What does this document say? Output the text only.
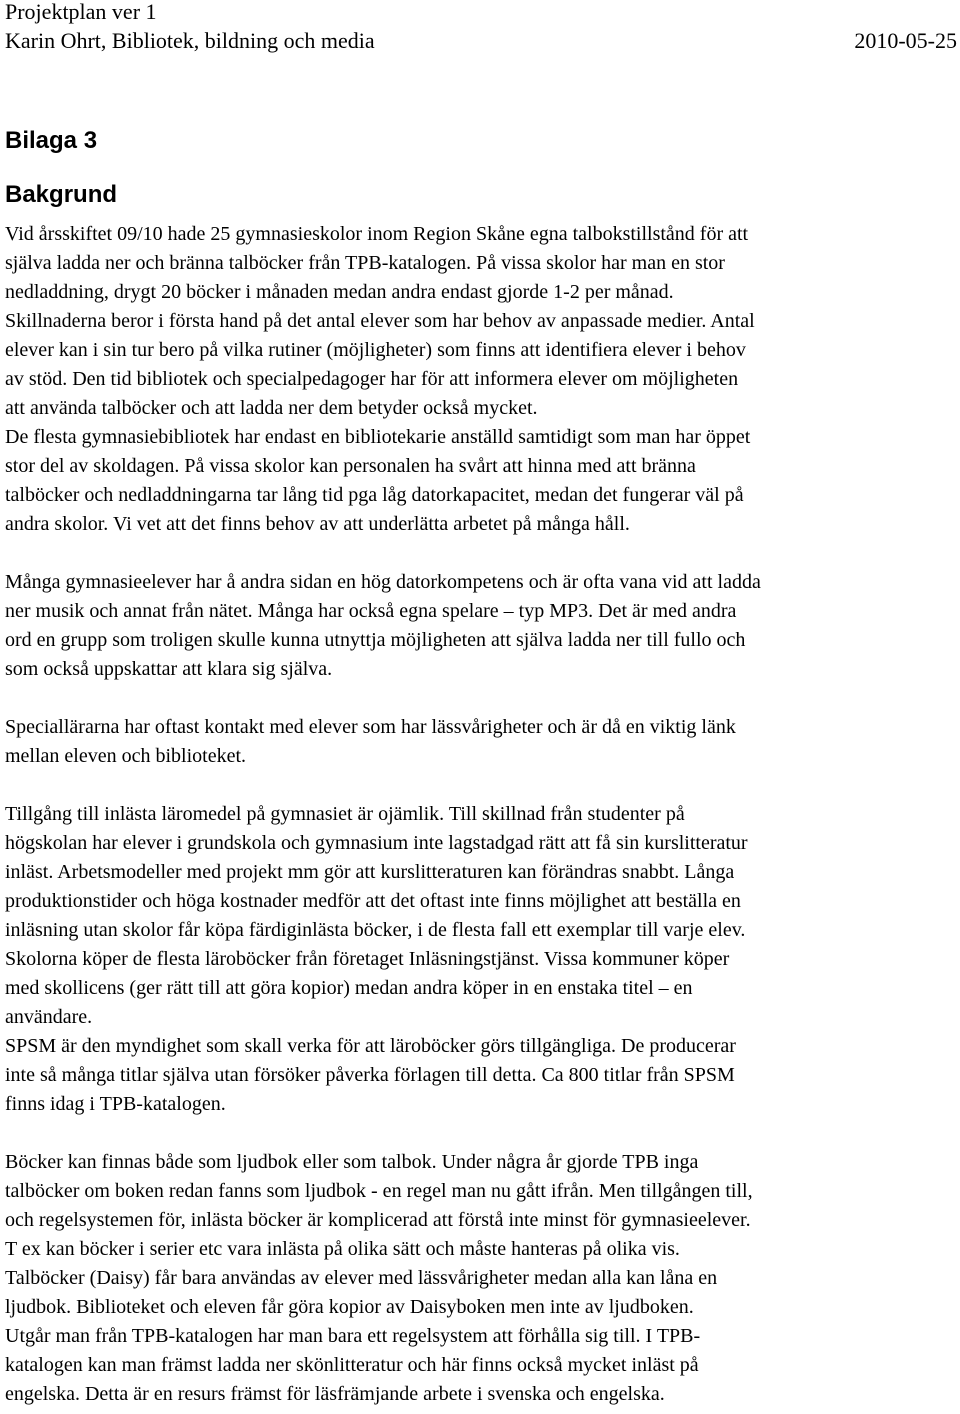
Projektplan ver 1
Karin Ohrt, Bibliotek, bildning och media	2010-05-25
Bilaga 3
Bakgrund
Vid årsskiftet 09/10 hade 25 gymnasieskolor inom Region Skåne egna talbokstillstånd för att
själva ladda ner och bränna talböcker från TPB-katalogen. På vissa skolor har man en stor
nedladdning, drygt 20 böcker i månaden medan andra endast gjorde 1-2 per månad.
Skillnaderna beror i första hand på det antal elever som har behov av anpassade medier. Antal
elever kan i sin tur bero på vilka rutiner (möjligheter) som finns att identifiera elever i behov
av stöd. Den tid bibliotek och specialpedagoger har för att informera elever om möjligheten
att använda talböcker och att ladda ner dem betyder också mycket.
De flesta gymnasiebibliotek har endast en bibliotekarie anställd samtidigt som man har öppet
stor del av skoldagen. På vissa skolor kan personalen ha svårt att hinna med att bränna
talböcker och nedladdningarna tar lång tid pga låg datorkapacitet, medan det fungerar väl på
andra skolor. Vi vet att det finns behov av att underlätta arbetet på många håll.
Många gymnasieelever har å andra sidan en hög datorkompetens och är ofta vana vid att ladda
ner musik och annat från nätet. Många har också egna spelare – typ MP3. Det är med andra
ord en grupp som troligen skulle kunna utnyttja möjligheten att själva ladda ner till fullo och
som också uppskattar att klara sig själva.
Speciallärarna har oftast kontakt med elever som har lässvårigheter och är då en viktig länk
mellan eleven och biblioteket.
Tillgång till inlästa läromedel på gymnasiet är ojämlik. Till skillnad från studenter på
högskolan har elever i grundskola och gymnasium inte lagstadgad rätt att få sin kurslitteratur
inläst. Arbetsmodeller med projekt mm gör att kurslitteraturen kan förändras snabbt. Långa
produktionstider och höga kostnader medför att det oftast inte finns möjlighet att beställa en
inläsning utan skolor får köpa färdiginlästa böcker, i de flesta fall ett exemplar till varje elev.
Skolorna köper de flesta läroböcker från företaget Inläsningstjänst. Vissa kommuner köper
med skollicens (ger rätt till att göra kopior) medan andra köper in en enstaka titel – en
användare.
SPSM är den myndighet som skall verka för att läroböcker görs tillgängliga. De producerar
inte så många titlar själva utan försöker påverka förlagen till detta. Ca 800 titlar från SPSM
finns idag i TPB-katalogen.
Böcker kan finnas både som ljudbok eller som talbok. Under några år gjorde TPB inga
talböcker om boken redan fanns som ljudbok - en regel man nu gått ifrån. Men tillgången till,
och regelsystemen för, inlästa böcker är komplicerad att förstå inte minst för gymnasieelever.
T ex kan böcker i serier etc vara inlästa på olika sätt och måste hanteras på olika vis.
Talböcker (Daisy) får bara användas av elever med lässvårigheter medan alla kan låna en
ljudbok. Biblioteket och eleven får göra kopior av Daisyboken men inte av ljudboken.
Utgår man från TPB-katalogen har man bara ett regelsystem att förhålla sig till. I TPB-
katalogen kan man främst ladda ner skönlitteratur och här finns också mycket inläst på
engelska. Detta är en resurs främst för läsfrämjande arbete i svenska och engelska.
